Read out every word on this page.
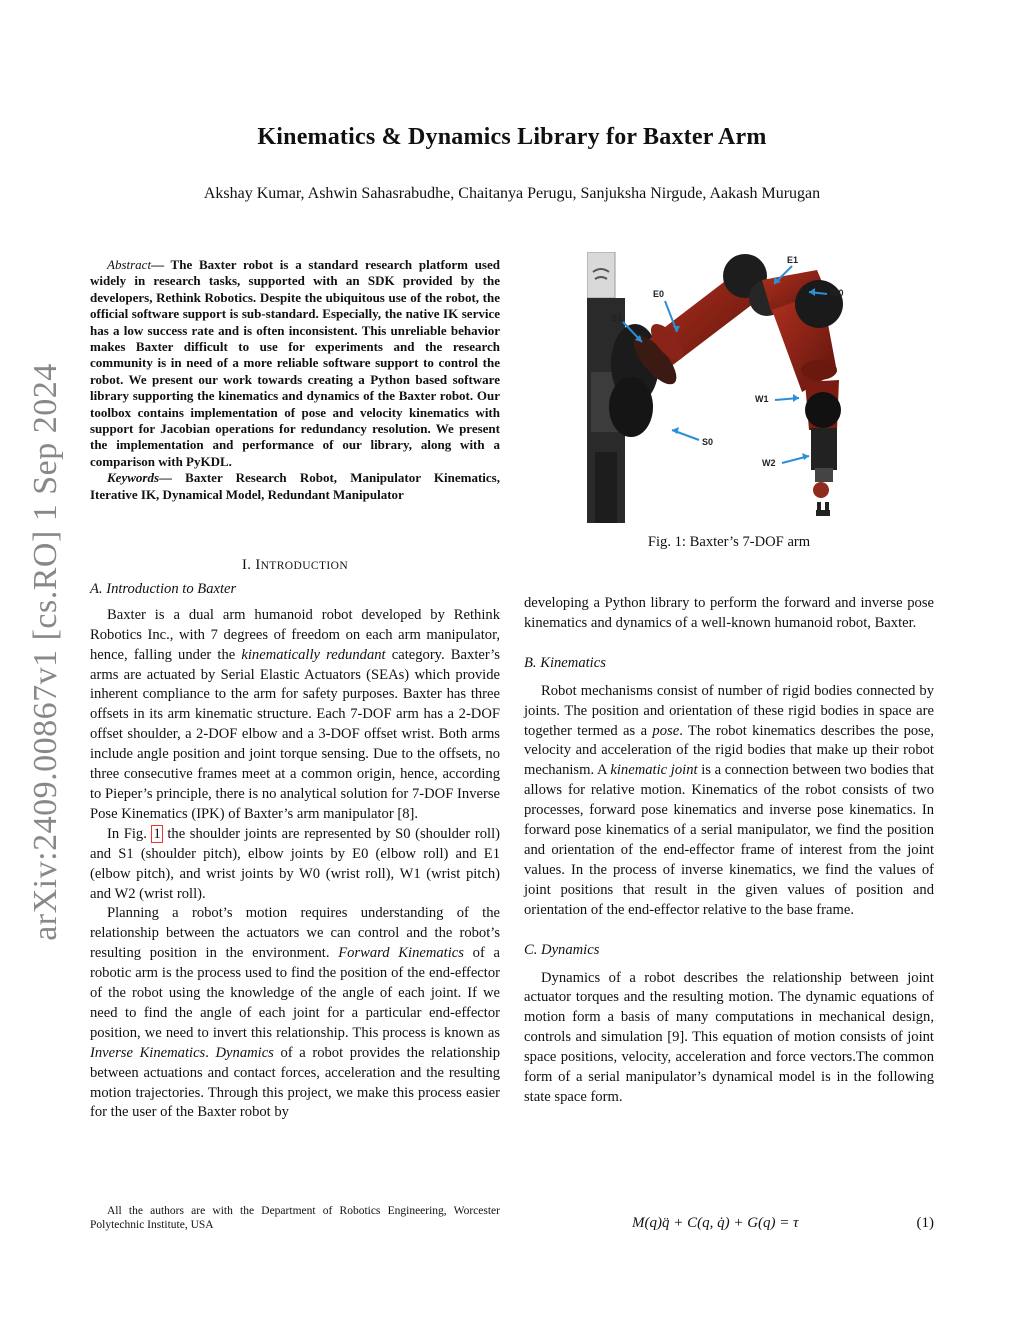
Kinematics & Dynamics Library for Baxter Arm
Akshay Kumar, Ashwin Sahasrabudhe, Chaitanya Perugu, Sanjuksha Nirgude, Aakash Murugan
arXiv:2409.00867v1 [cs.RO] 1 Sep 2024

Abstract— The Baxter robot is a standard research platform used widely in research tasks, supported with an SDK provided by the developers, Rethink Robotics. Despite the ubiquitous use of the robot, the official software support is sub-standard. Especially, the native IK service has a low success rate and is often inconsistent. This unreliable behavior makes Baxter difficult to use for experiments and the research community is in need of a more reliable software support to control the robot. We present our work towards creating a Python based software library supporting the kinematics and dynamics of the Baxter robot. Our toolbox contains implementation of pose and velocity kinematics with support for Jacobian operations for redundancy resolution. We present the implementation and performance of our library, along with a comparison with PyKDL.

Keywords— Baxter Research Robot, Manipulator Kinematics, Iterative IK, Dynamical Model, Redundant Manipulator

I. INTRODUCTION
A. Introduction to Baxter

Baxter is a dual arm humanoid robot developed by Rethink Robotics Inc., with 7 degrees of freedom on each arm manipulator, hence, falling under the kinematically redundant category. Baxter’s arms are actuated by Serial Elastic Actuators (SEAs) which provide inherent compliance to the arm for safety purposes. Baxter has three offsets in its arm kinematic structure. Each 7-DOF arm has a 2-DOF offset shoulder, a 2-DOF elbow and a 3-DOF offset wrist. Both arms include angle position and joint torque sensing. Due to the offsets, no three consecutive frames meet at a common origin, hence, according to Pieper’s principle, there is no analytical solution for 7-DOF Inverse Pose Kinematics (IPK) of Baxter’s arm manipulator [8].

In Fig. 1 the shoulder joints are represented by S0 (shoulder roll) and S1 (shoulder pitch), elbow joints by E0 (elbow roll) and E1 (elbow pitch), and wrist joints by W0 (wrist roll), W1 (wrist pitch) and W2 (wrist roll).

Planning a robot’s motion requires understanding of the relationship between the actuators we can control and the robot’s resulting position in the environment. Forward Kinematics of a robotic arm is the process used to find the position of the end-effector of the robot using the knowledge of the angle of each joint. If we need to find the angle of each joint for a particular end-effector position, we need to invert this relationship. This process is known as Inverse Kinematics. Dynamics of a robot provides the relationship between actuations and contact forces, acceleration and the resulting motion trajectories. Through this project, we make this process easier for the user of the Baxter robot by

All the authors are with the Department of Robotics Engineering, Worcester Polytechnic Institute, USA

E1
E0	W0
S1
W1
S0
W2
Fig. 1: Baxter’s 7-DOF arm

developing a Python library to perform the forward and inverse pose kinematics and dynamics of a well-known humanoid robot, Baxter.

B. Kinematics

Robot mechanisms consist of number of rigid bodies connected by joints. The position and orientation of these rigid bodies in space are together termed as a pose. The robot kinematics describes the pose, velocity and acceleration of the rigid bodies that make up their robot mechanism. A kinematic joint is a connection between two bodies that allows for relative motion. Kinematics of the robot consists of two processes, forward pose kinematics and inverse pose kinematics. In forward pose kinematics of a serial manipulator, we find the position and orientation of the end-effector frame of interest from the joint values. In the process of inverse kinematics, we find the values of joint positions that result in the given values of position and orientation of the end-effector relative to the base frame.

C. Dynamics

Dynamics of a robot describes the relationship between joint actuator torques and the resulting motion. The dynamic equations of motion form a basis of many computations in mechanical design, controls and simulation [9]. This equation of motion consists of joint space positions, velocity, acceleration and force vectors.The common form of a serial manipulator’s dynamical model is in the following state space form.

M(q)q̈ + C(q, q̇) + G(q) = τ	(1)
